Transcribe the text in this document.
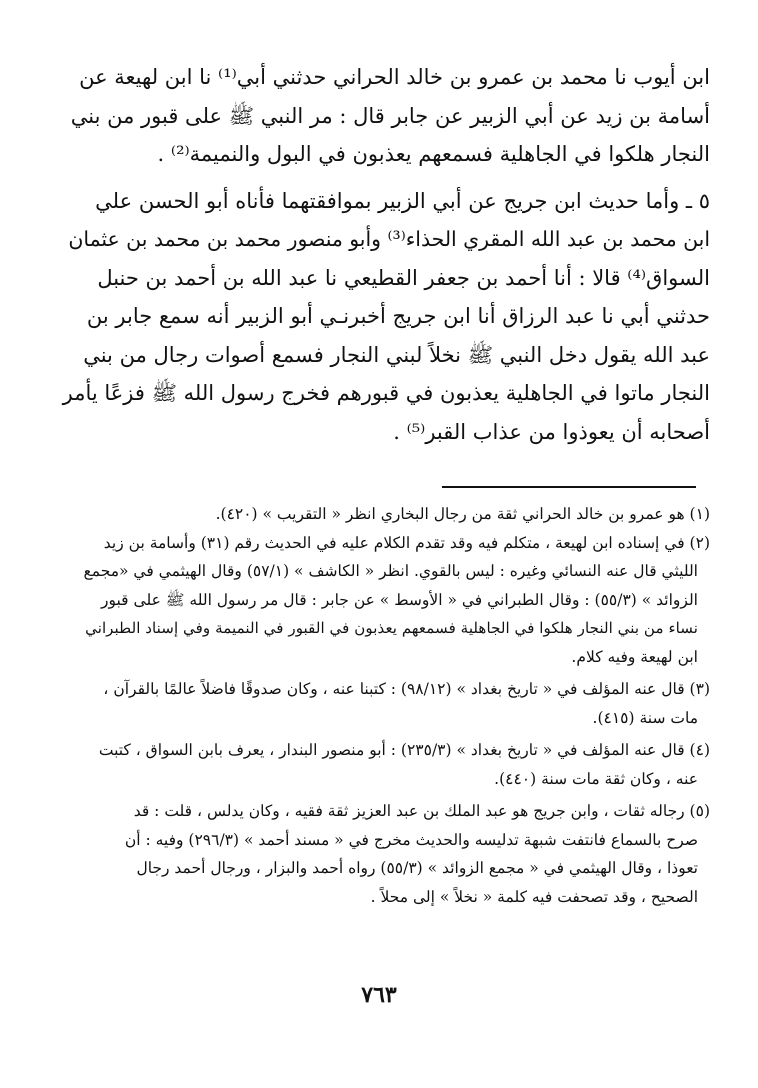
ابن أيوب نا محمد بن عمرو بن خالد الحراني حدثني أبي⁽¹⁾ نا ابن لهيعة عن

أسامة بن زيد عن أبي الزبير عن جابر قال : مر النبي ﷺ على قبور من بني

النجار هلكوا في الجاهلية فسمعهم يعذبون في البول والنميمة⁽²⁾ .

٥ ـ وأما حديث ابن جريج عن أبي الزبير بموافقتهما فأناه أبو الحسن علي

ابن محمد بن عبد الله المقري الحذاء⁽³⁾ وأبو منصور محمد بن محمد بن عثمان

السواق⁽⁴⁾ قالا : أنا أحمد بن جعفر القطيعي نا عبد الله بن أحمد بن حنبل

حدثني أبي نا عبد الرزاق أنا ابن جريج أخبرنـي أبو الزبير أنه سمع جابر بن

عبد الله يقول دخل النبي ﷺ نخلاً لبني النجار فسمع أصوات رجال من بني

النجار ماتوا في الجاهلية يعذبون في قبورهم فخرج رسول الله ﷺ فزعًا يأمر

أصحابه أن يعوذوا من عذاب القبر⁽⁵⁾ .

(١) هو عمرو بن خالد الحراني ثقة من رجال البخاري انظر « التقريب » (٤٢٠).

(٢) في إسناده ابن لهيعة ، متكلم فيه وقد تقدم الكلام عليه في الحديث رقم (٣١) وأسامة بن زيد

الليثي قال عنه النسائي وغيره : ليس بالقوي. انظر « الكاشف » (٥٧/١) وقال الهيثمي في «مجمع

الزوائد » (٥٥/٣) : وقال الطبراني في « الأوسط » عن جابر : قال مر رسول الله ﷺ على قبور

نساء من بني النجار هلكوا في الجاهلية فسمعهم يعذبون في القبور في النميمة وفي إسناد الطبراني

ابن لهيعة وفيه كلام.

(٣) قال عنه المؤلف في « تاريخ بغداد » (٩٨/١٢) : كتبنا عنه ، وكان صدوقًا فاضلاً عالمًا بالقرآن ،

مات سنة (٤١٥).

(٤) قال عنه المؤلف في « تاريخ بغداد » (٢٣٥/٣) : أبو منصور البندار ، يعرف بابن السواق ، كتبت

عنه ، وكان ثقة مات سنة (٤٤٠).

(٥) رجاله ثقات ، وابن جريج هو عبد الملك بن عبد العزيز ثقة فقيه ، وكان يدلس ، قلت : قد

صرح بالسماع فانتفت شبهة تدليسه والحديث مخرج في « مسند أحمد » (٢٩٦/٣) وفيه : أن

تعوذا ، وقال الهيثمي في « مجمع الزوائد » (٥٥/٣) رواه أحمد والبزار ، ورجال أحمد رجال

الصحيح ، وقد تصحفت فيه كلمة « نخلاً » إلى محلاً .

٧٦٣
